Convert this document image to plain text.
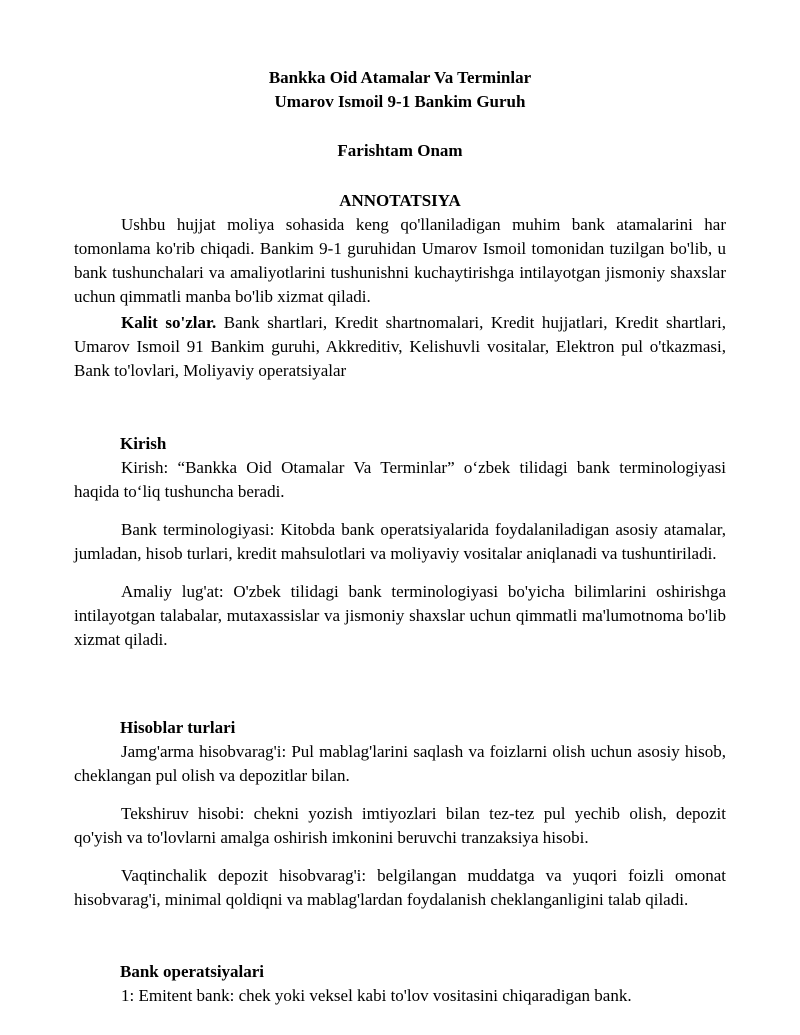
Bankka Oid Atamalar Va Terminlar

Umarov Ismoil 9-1 Bankim Guruh

Farishtam Onam

ANNOTATSIYA

Ushbu hujjat moliya sohasida keng qo'llaniladigan muhim bank atamalarini har tomonlama ko'rib chiqadi. Bankim 9-1 guruhidan Umarov Ismoil tomonidan tuzilgan bo'lib, u bank tushunchalari va amaliyotlarini tushunishni kuchaytirishga intilayotgan jismoniy shaxslar uchun qimmatli manba bo'lib xizmat qiladi.

Kalit so'zlar. Bank shartlari, Kredit shartnomalari, Kredit hujjatlari, Kredit shartlari, Umarov Ismoil 91 Bankim guruhi, Akkreditiv, Kelishuvli vositalar, Elektron pul o'tkazmasi, Bank to'lovlari, Moliyaviy operatsiyalar

Kirish

Kirish: “Bankka Oid Otamalar Va Terminlar” o‘zbek tilidagi bank terminologiyasi haqida to‘liq tushuncha beradi.

Bank terminologiyasi: Kitobda bank operatsiyalarida foydalaniladigan asosiy atamalar, jumladan, hisob turlari, kredit mahsulotlari va moliyaviy vositalar aniqlanadi va tushuntiriladi.

Amaliy lug'at: O'zbek tilidagi bank terminologiyasi bo'yicha bilimlarini oshirishga intilayotgan talabalar, mutaxassislar va jismoniy shaxslar uchun qimmatli ma'lumotnoma bo'lib xizmat qiladi.

Hisoblar turlari

Jamg'arma hisobvarag'i: Pul mablag'larini saqlash va foizlarni olish uchun asosiy hisob, cheklangan pul olish va depozitlar bilan.

Tekshiruv hisobi: chekni yozish imtiyozlari bilan tez-tez pul yechib olish, depozit qo'yish va to'lovlarni amalga oshirish imkonini beruvchi tranzaksiya hisobi.

Vaqtinchalik depozit hisobvarag'i: belgilangan muddatga va yuqori foizli omonat hisobvarag'i, minimal qoldiqni va mablag'lardan foydalanish cheklanganligini talab qiladi.

Bank operatsiyalari

1: Emitent bank: chek yoki veksel kabi to'lov vositasini chiqaradigan bank.
